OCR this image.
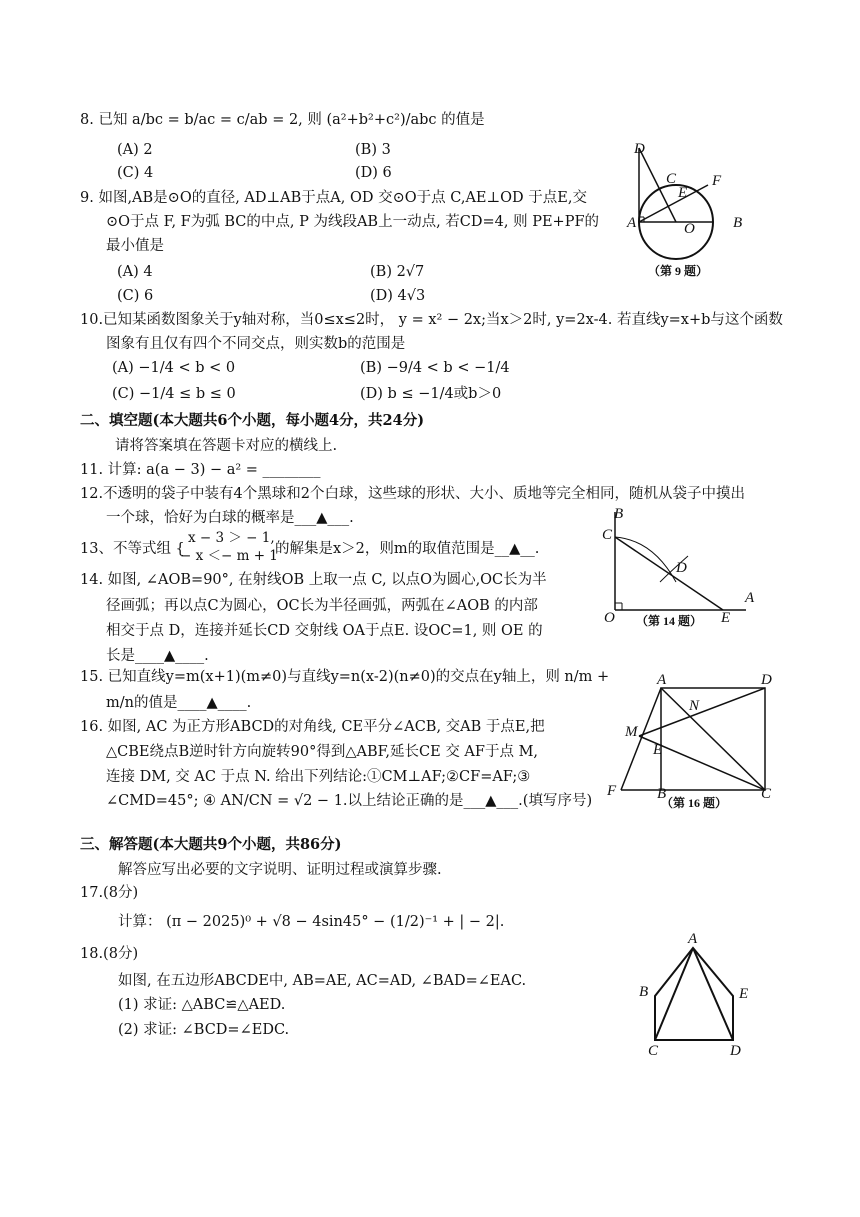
8. 已知 a/bc = b/ac = c/ab = 2, 则 (a²+b²+c²)/abc 的值是
(A) 2	(B) 3
(C) 4	(D) 6
9. 如图,AB是⊙O的直径, AD⊥AB于点A, OD 交⊙O于点 C,AE⊥OD 于点E,交
⊙O于点 F, F为弧 BC的中点, P 为线段AB上一动点, 若CD=4, 则 PE+PF的
最小值是
(A) 4	(B) 2√7
(C) 6	(D) 4√3
D
C
E
F
A	O	B
（第 9 题）
10.已知某函数图象关于y轴对称，当0≤x≤2时， y = x² − 2x;当x＞2时, y=2x-4. 若直线y=x+b与这个函数
图象有且仅有四个不同交点，则实数b的范围是
(A) −1/4 < b < 0	(B) −9/4 < b < −1/4
(C) −1/4 ≤ b ≤ 0	(D) b ≤ −1/4或b＞0
二、填空题(本大题共6个小题，每小题4分，共24分)
请将答案填在答题卡对应的横线上.
11. 计算: a(a − 3) − a² = ________
12.不透明的袋子中装有4个黑球和2个白球，这些球的形状、大小、质地等完全相同，随机从袋子中摸出
一个球，恰好为白球的概率是___▲___.
13、不等式组 {
x − 3 ＞ − 1,
− x ＜− m + 1
的解集是x＞2，则m的取值范围是__▲__.
14. 如图, ∠AOB=90°, 在射线OB 上取一点 C, 以点O为圆心,OC长为半
径画弧；再以点C为圆心，OC长为半径画弧，两弧在∠AOB 的内部
相交于点 D，连接并延长CD 交射线 OA于点E. 设OC=1, 则 OE 的
长是____▲____.
B
C
D
O	E
A
（第 14 题）
15. 已知直线y=m(x+1)(m≠0)与直线y=n(x-2)(n≠0)的交点在y轴上，则 n/m +
m/n的值是____▲____.
16. 如图, AC 为正方形ABCD的对角线, CE平分∠ACB, 交AB 于点E,把
△CBE绕点B逆时针方向旋转90°得到△ABF,延长CE 交 AF于点 M,
连接 DM, 交 AC 于点 N. 给出下列结论:①CM⊥AF;②CF=AF;③
∠CMD=45°; ④ AN/CN = √2 − 1.以上结论正确的是___▲___.(填写序号)
A	D
N
M
E
F	B	C
（第 16 题）
三、解答题(本大题共9个小题，共86分)
解答应写出必要的文字说明、证明过程或演算步骤.
17.(8分)
计算： (π − 2025)⁰ + √8 − 4sin45° − (1/2)⁻¹ + | − 2|.
18.(8分)
如图, 在五边形ABCDE中, AB=AE, AC=AD, ∠BAD=∠EAC.
(1) 求证: △ABC≌△AED.
(2) 求证: ∠BCD=∠EDC.
A
B	E
C	D
